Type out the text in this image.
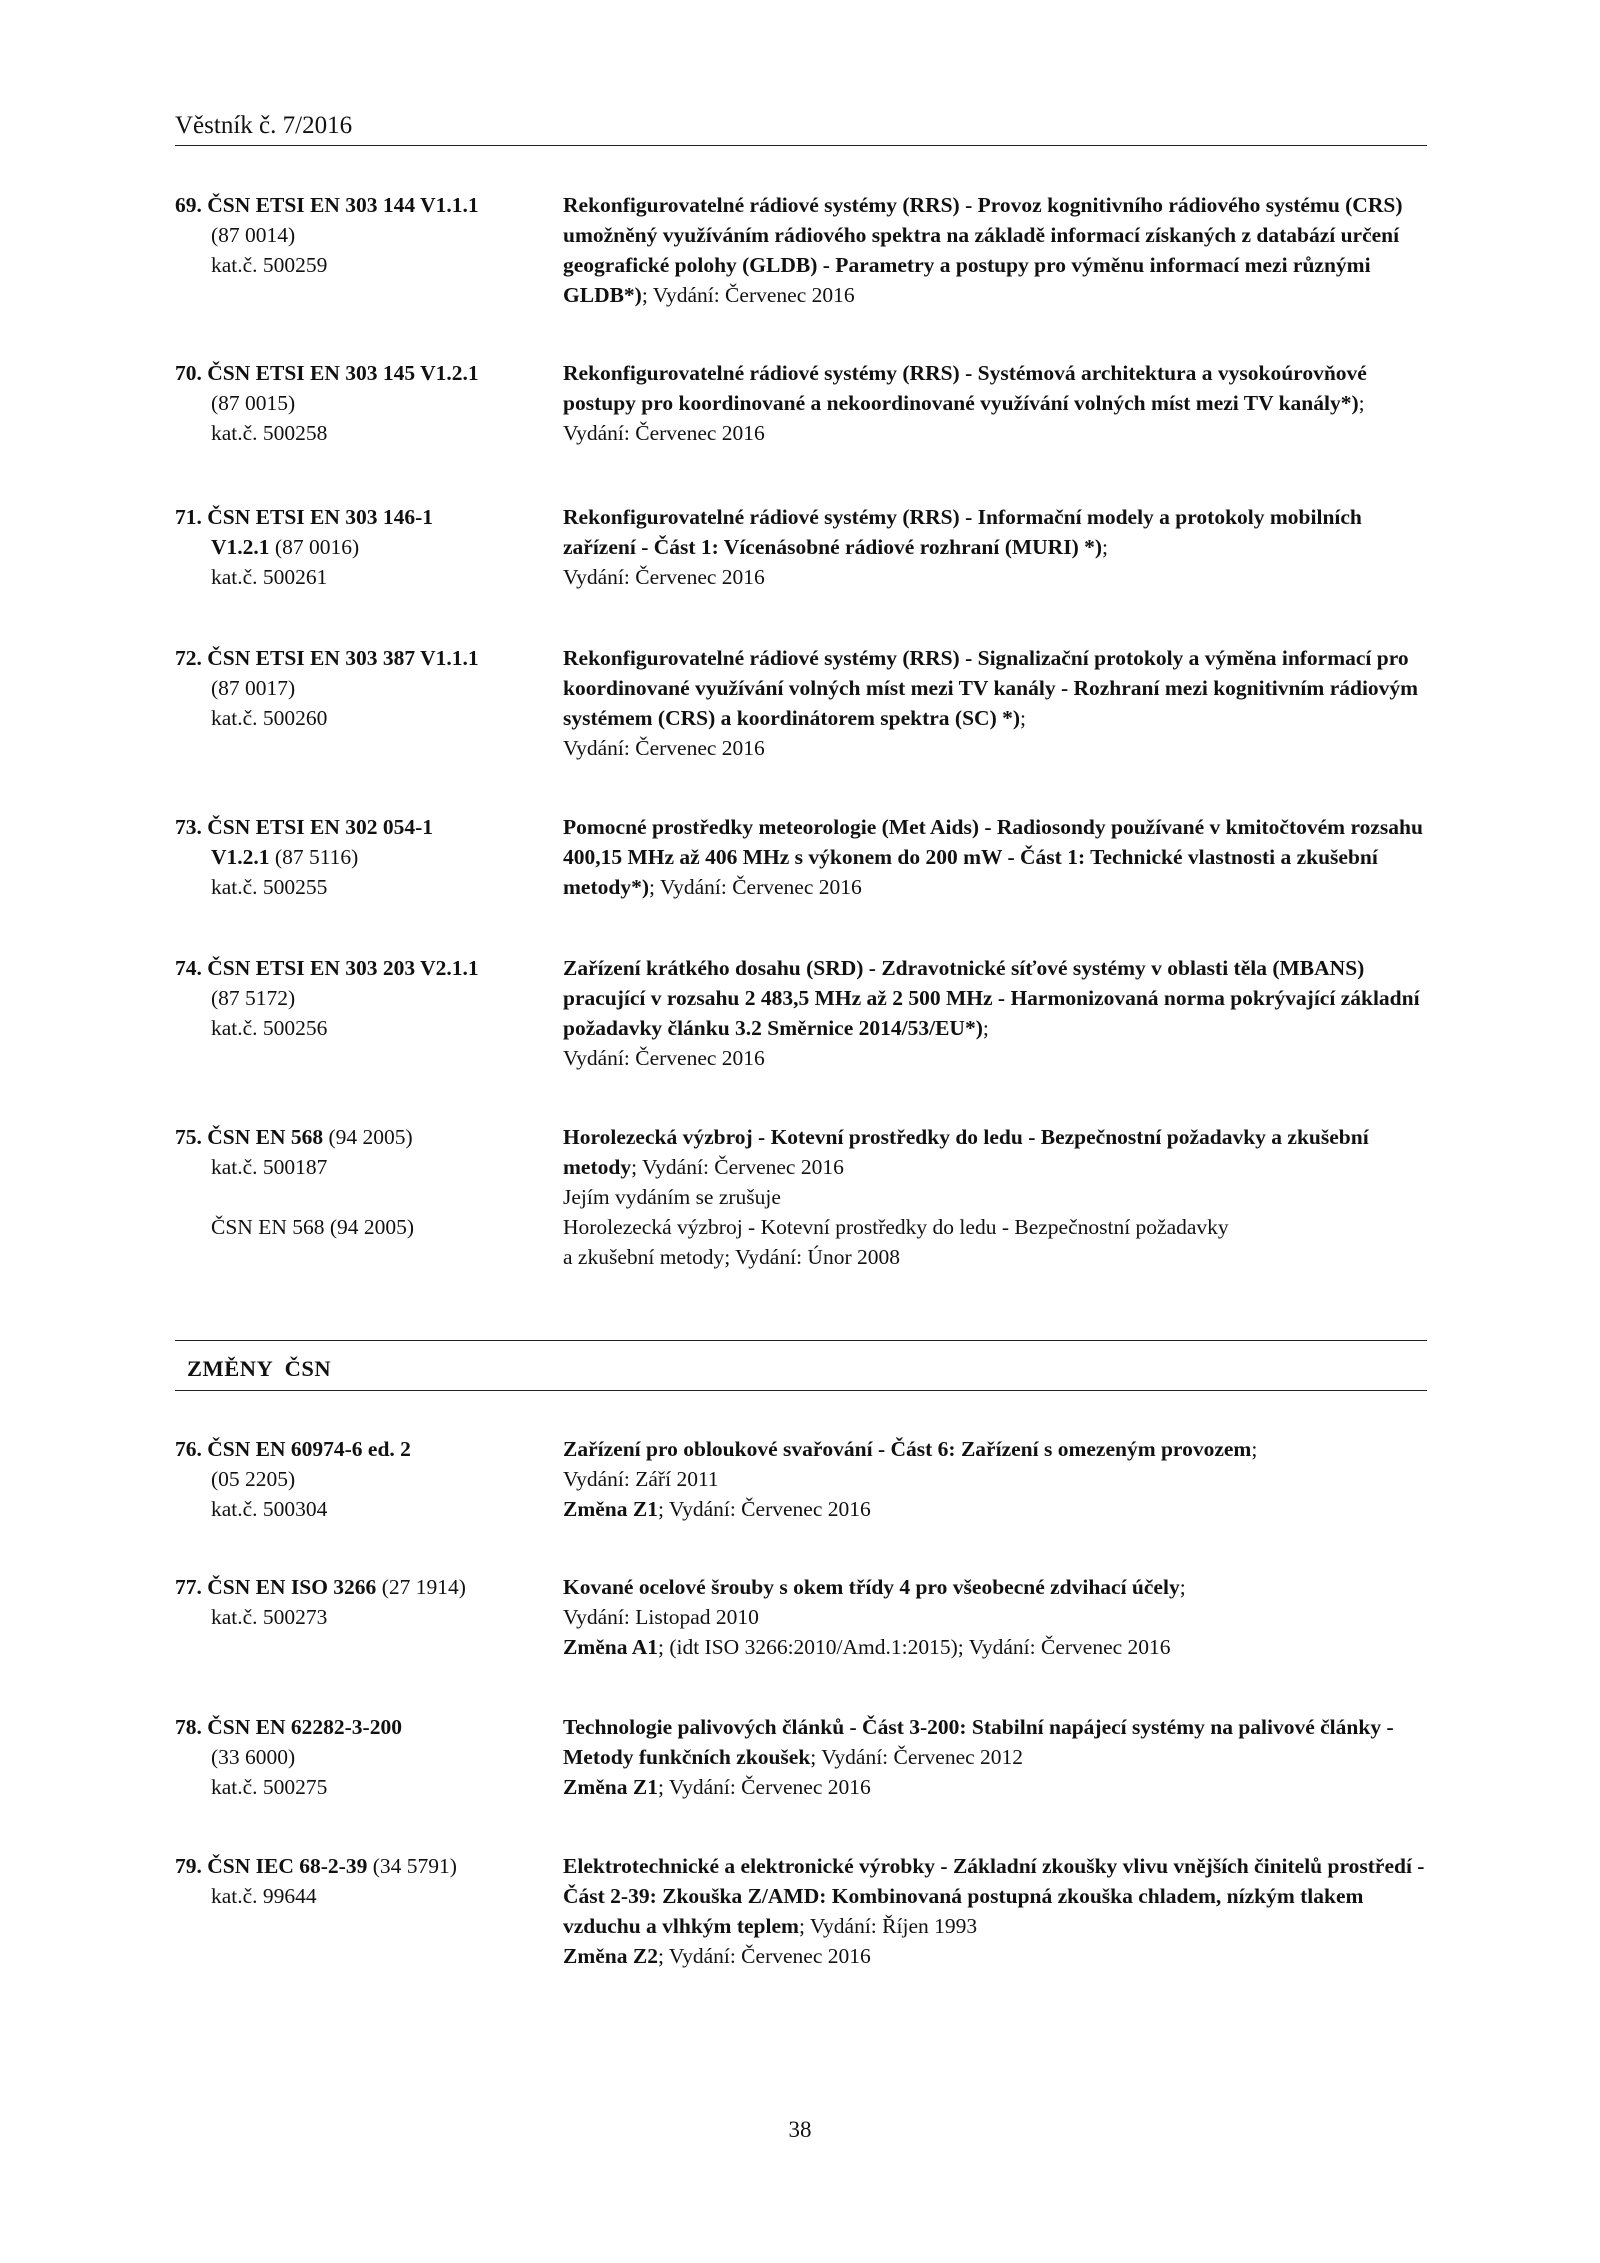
Věstník č. 7/2016
69. ČSN ETSI EN 303 144 V1.1.1
(87 0014)
kat.č. 500259
Rekonfigurovatelné rádiové systémy (RRS) - Provoz kognitivního rádiového systému (CRS) umožněný využíváním rádiového spektra na základě informací získaných z databází určení geografické polohy (GLDB) - Parametry a postupy pro výměnu informací mezi různými GLDB*); Vydání: Červenec 2016
70. ČSN ETSI EN 303 145 V1.2.1
(87 0015)
kat.č. 500258
Rekonfigurovatelné rádiové systémy (RRS) - Systémová architektura a vysokoúrovňové postupy pro koordinované a nekoordinované využívání volných míst mezi TV kanály*); Vydání: Červenec 2016
71. ČSN ETSI EN 303 146-1
V1.2.1 (87 0016)
kat.č. 500261
Rekonfigurovatelné rádiové systémy (RRS) - Informační modely a protokoly mobilních zařízení - Část 1: Vícenásobné rádiové rozhraní (MURI) *);
Vydání: Červenec 2016
72. ČSN ETSI EN 303 387 V1.1.1
(87 0017)
kat.č. 500260
Rekonfigurovatelné rádiové systémy (RRS) - Signalizační protokoly a výměna informací pro koordinované využívání volných míst mezi TV kanály - Rozhraní mezi kognitivním rádiovým systémem (CRS) a koordinátorem spektra (SC) *);
Vydání: Červenec 2016
73. ČSN ETSI EN 302 054-1
V1.2.1 (87 5116)
kat.č. 500255
Pomocné prostředky meteorologie (Met Aids) - Radiosondy používané v kmitočtovém rozsahu 400,15 MHz až 406 MHz s výkonem do 200 mW - Část 1: Technické vlastnosti a zkušební metody*); Vydání: Červenec 2016
74. ČSN ETSI EN 303 203 V2.1.1
(87 5172)
kat.č. 500256
Zařízení krátkého dosahu (SRD) - Zdravotnické síťové systémy v oblasti těla (MBANS) pracující v rozsahu 2 483,5 MHz až 2 500 MHz - Harmonizovaná norma pokrývající základní požadavky článku 3.2 Směrnice 2014/53/EU*);
Vydání: Červenec 2016
75. ČSN EN 568 (94 2005)
kat.č. 500187
Horolezecká výzbroj - Kotevní prostředky do ledu - Bezpečnostní požadavky a zkušební metody; Vydání: Červenec 2016
Jejím vydáním se zrušuje
ČSN EN 568 (94 2005)	Horolezecká výzbroj - Kotevní prostředky do ledu - Bezpečnostní požadavky
a zkušební metody; Vydání: Únor 2008
ZMĚNY  ČSN
76. ČSN EN 60974-6 ed. 2
(05 2205)
kat.č. 500304
Zařízení pro obloukové svařování - Část 6: Zařízení s omezeným provozem;
Vydání: Září 2011
Změna Z1; Vydání: Červenec 2016
77. ČSN EN ISO 3266 (27 1914)
kat.č. 500273
Kované ocelové šrouby s okem třídy 4 pro všeobecné zdvihací účely;
Vydání: Listopad 2010
Změna A1; (idt ISO 3266:2010/Amd.1:2015); Vydání: Červenec 2016
78. ČSN EN 62282-3-200
(33 6000)
kat.č. 500275
Technologie palivových článků - Část 3-200: Stabilní napájecí systémy na palivové články - Metody funkčních zkoušek; Vydání: Červenec 2012
Změna Z1; Vydání: Červenec 2016
79. ČSN IEC 68-2-39 (34 5791)
kat.č. 99644
Elektrotechnické a elektronické výrobky - Základní zkoušky vlivu vnějších činitelů prostředí - Část 2-39: Zkouška Z/AMD: Kombinovaná postupná zkouška chladem, nízkým tlakem vzduchu a vlhkým teplem; Vydání: Říjen 1993
Změna Z2; Vydání: Červenec 2016
38
